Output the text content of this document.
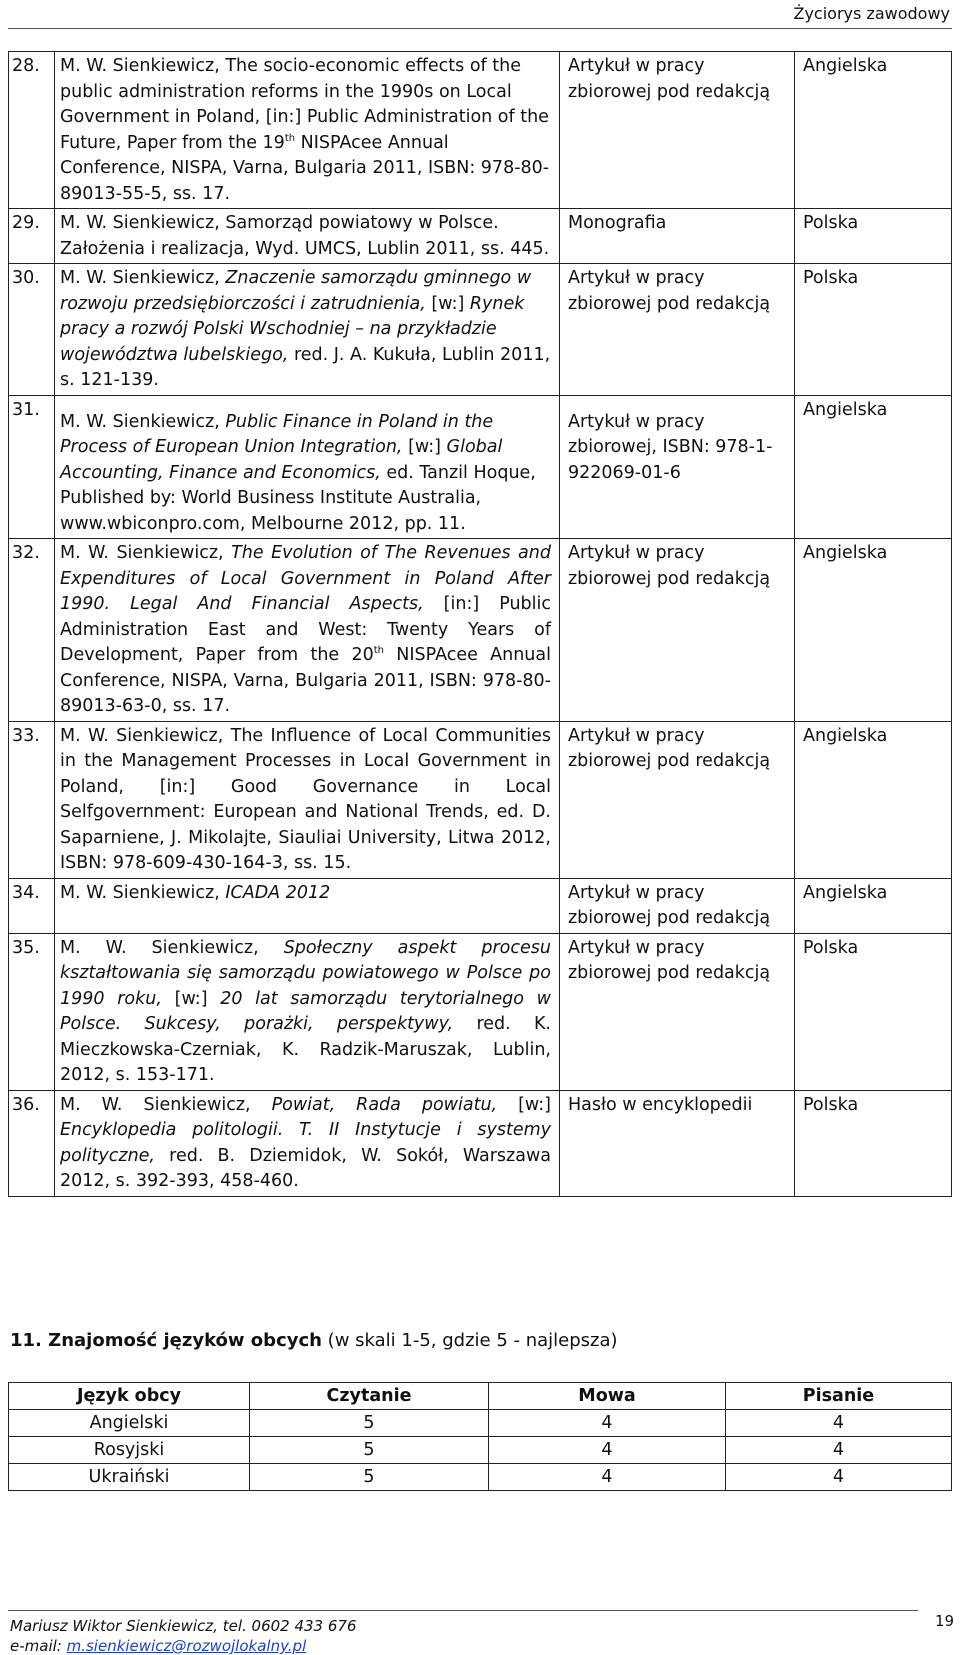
Życiorys zawodowy
28.	M. W. Sienkiewicz, The socio-economic effects of the public administration reforms in the 1990s on Local Government in Poland, [in:] Public Administration of the Future, Paper from the 19th NISPAcee Annual Conference, NISPA, Varna, Bulgaria 2011, ISBN: 978-80-89013-55-5, ss. 17.	Artykuł w pracy zbiorowej pod redakcją	Angielska
29.	M. W. Sienkiewicz, Samorząd powiatowy w Polsce. Założenia i realizacja, Wyd. UMCS, Lublin 2011, ss. 445.	Monografia	Polska
30.	M. W. Sienkiewicz, Znaczenie samorządu gminnego w rozwoju przedsiębiorczości i zatrudnienia, [w:] Rynek pracy a rozwój Polski Wschodniej – na przykładzie województwa lubelskiego, red. J. A. Kukuła, Lublin 2011, s. 121-139.	Artykuł w pracy zbiorowej pod redakcją	Polska
31.	M. W. Sienkiewicz, Public Finance in Poland in the Process of European Union Integration, [w:] Global Accounting, Finance and Economics, ed. Tanzil Hoque, Published by: World Business Institute Australia, www.wbiconpro.com, Melbourne 2012, pp. 11.	Artykuł w pracy zbiorowej, ISBN: 978-1-922069-01-6	Angielska
32.	M. W. Sienkiewicz, The Evolution of The Revenues and Expenditures of Local Government in Poland After 1990. Legal And Financial Aspects, [in:] Public Administration East and West: Twenty Years of Development, Paper from the 20th NISPAcee Annual Conference, NISPA, Varna, Bulgaria 2011, ISBN: 978-80-89013-63-0, ss. 17.	Artykuł w pracy zbiorowej pod redakcją	Angielska
33.	M. W. Sienkiewicz, The Influence of Local Communities in the Management Processes in Local Government in Poland, [in:] Good Governance in Local Selfgovernment: European and National Trends, ed. D. Saparniene, J. Mikolajte, Siauliai University, Litwa 2012, ISBN: 978-609-430-164-3, ss. 15.	Artykuł w pracy zbiorowej pod redakcją	Angielska
34.	M. W. Sienkiewicz, ICADA 2012	Artykuł w pracy zbiorowej pod redakcją	Angielska
35.	M. W. Sienkiewicz, Społeczny aspekt procesu kształtowania się samorządu powiatowego w Polsce po 1990 roku, [w:] 20 lat samorządu terytorialnego w Polsce. Sukcesy, porażki, perspektywy, red. K. Mieczkowska-Czerniak, K. Radzik-Maruszak, Lublin, 2012, s. 153-171.	Artykuł w pracy zbiorowej pod redakcją	Polska
36.	M. W. Sienkiewicz, Powiat, Rada powiatu, [w:] Encyklopedia politologii. T. II Instytucje i systemy polityczne, red. B. Dziemidok, W. Sokół, Warszawa 2012, s. 392-393, 458-460.	Hasło w encyklopedii	Polska
11. Znajomość języków obcych (w skali 1-5, gdzie 5 - najlepsza)
Język obcy	Czytanie	Mowa	Pisanie
Angielski	5	4	4
Rosyjski	5	4	4
Ukraiński	5	4	4
Mariusz Wiktor Sienkiewicz, tel. 0602 433 676
e-mail: m.sienkiewicz@rozwojlokalny.pl
19
